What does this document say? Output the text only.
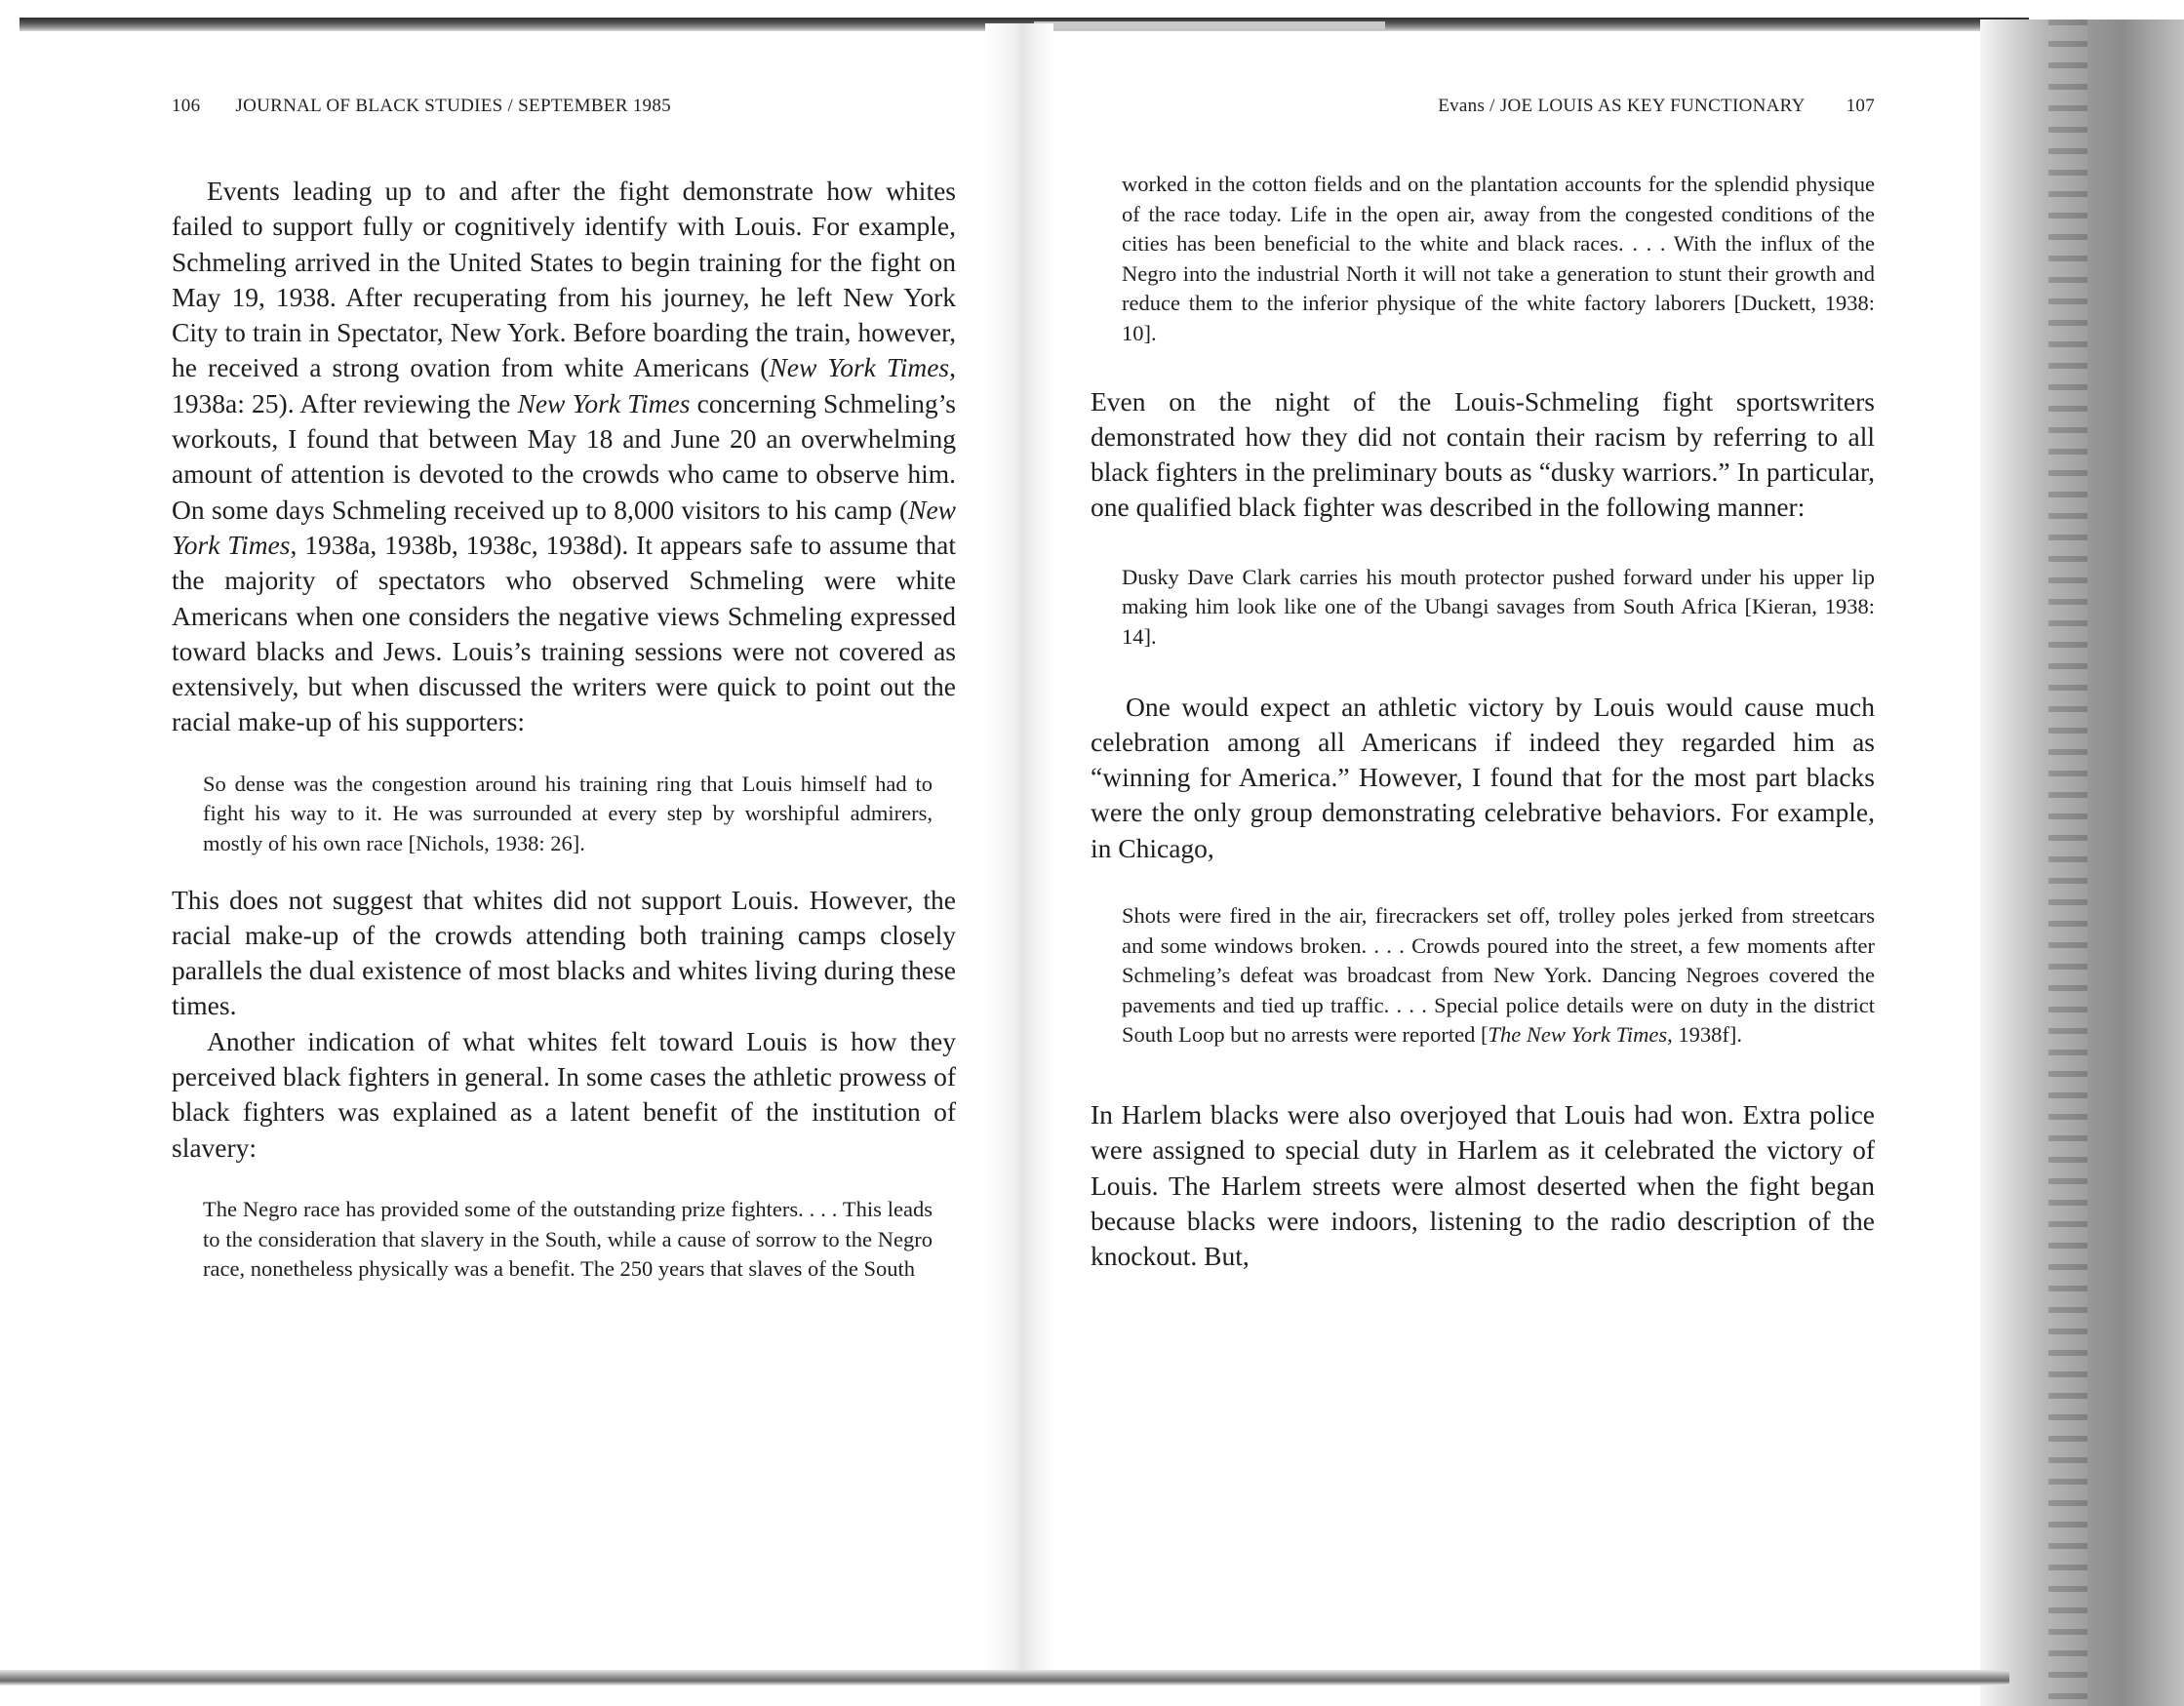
106 JOURNAL OF BLACK STUDIES / SEPTEMBER 1985

Events leading up to and after the fight demonstrate how whites failed to support fully or cognitively identify with Louis. For example, Schmeling arrived in the United States to begin training for the fight on May 19, 1938. After recuperating from his journey, he left New York City to train in Spectator, New York. Before boarding the train, however, he received a strong ovation from white Americans (New York Times, 1938a: 25). After reviewing the New York Times concerning Schmeling’s workouts, I found that between May 18 and June 20 an overwhelming amount of attention is devoted to the crowds who came to observe him. On some days Schmeling received up to 8,000 visitors to his camp (New York Times, 1938a, 1938b, 1938c, 1938d). It appears safe to assume that the majority of spectators who observed Schmeling were white Americans when one considers the negative views Schmeling expressed toward blacks and Jews. Louis’s training sessions were not covered as extensively, but when discussed the writers were quick to point out the racial make-up of his supporters:

So dense was the congestion around his training ring that Louis himself had to fight his way to it. He was surrounded at every step by worshipful admirers, mostly of his own race [Nichols, 1938: 26].

This does not suggest that whites did not support Louis. However, the racial make-up of the crowds attending both training camps closely parallels the dual existence of most blacks and whites living during these times.

Another indication of what whites felt toward Louis is how they perceived black fighters in general. In some cases the athletic prowess of black fighters was explained as a latent benefit of the institution of slavery:

The Negro race has provided some of the outstanding prize fighters. . . . This leads to the consideration that slavery in the South, while a cause of sorrow to the Negro race, nonetheless physically was a benefit. The 250 years that slaves of the South
Evans / JOE LOUIS AS KEY FUNCTIONARY 107
worked in the cotton fields and on the plantation accounts for the splendid physique of the race today. Life in the open air, away from the congested conditions of the cities has been beneficial to the white and black races. . . . With the influx of the Negro into the industrial North it will not take a generation to stunt their growth and reduce them to the inferior physique of the white factory laborers [Duckett, 1938: 10].

Even on the night of the Louis-Schmeling fight sportswriters demonstrated how they did not contain their racism by referring to all black fighters in the preliminary bouts as “dusky warriors.” In particular, one qualified black fighter was described in the following manner:

Dusky Dave Clark carries his mouth protector pushed forward under his upper lip making him look like one of the Ubangi savages from South Africa [Kieran, 1938: 14].

One would expect an athletic victory by Louis would cause much celebration among all Americans if indeed they regarded him as “winning for America.” However, I found that for the most part blacks were the only group demonstrating celebrative behaviors. For example, in Chicago,

Shots were fired in the air, firecrackers set off, trolley poles jerked from streetcars and some windows broken. . . . Crowds poured into the street, a few moments after Schmeling’s defeat was broadcast from New York. Dancing Negroes covered the pavements and tied up traffic. . . . Special police details were on duty in the district South Loop but no arrests were reported [The New York Times, 1938f].

In Harlem blacks were also overjoyed that Louis had won. Extra police were assigned to special duty in Harlem as it celebrated the victory of Louis. The Harlem streets were almost deserted when the fight began because blacks were indoors, listening to the radio description of the knockout. But,
